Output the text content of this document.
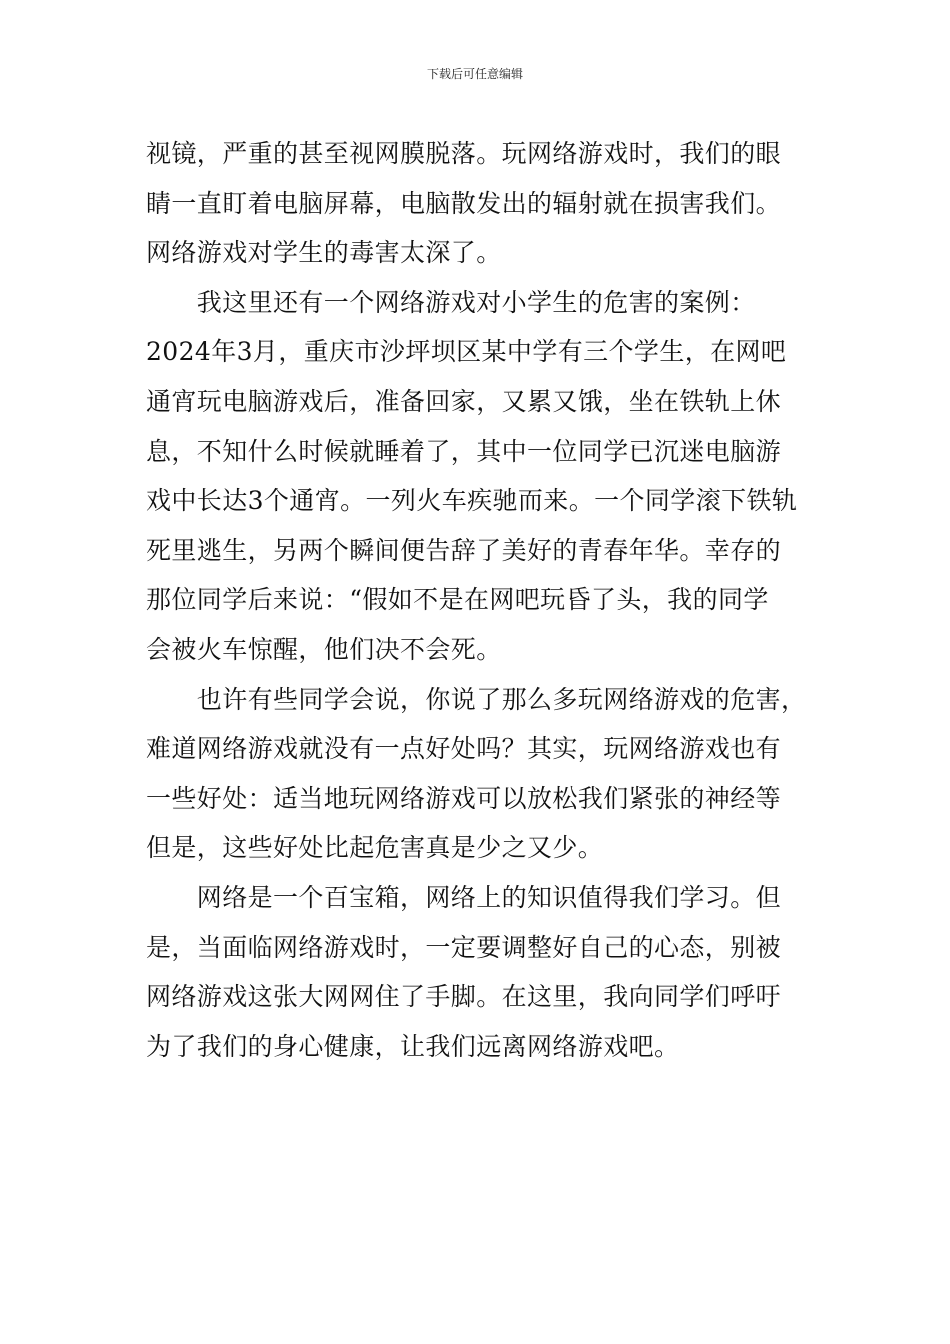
下载后可任意编辑
视镜，严重的甚至视网膜脱落。玩网络游戏时，我们的眼
睛一直盯着电脑屏幕，电脑散发出的辐射就在损害我们。
网络游戏对学生的毒害太深了。
　　我这里还有一个网络游戏对小学生的危害的案例：
2024年3月，重庆市沙坪坝区某中学有三个学生，在网吧
通宵玩电脑游戏后，准备回家，又累又饿，坐在铁轨上休
息，不知什么时候就睡着了，其中一位同学已沉迷电脑游
戏中长达3个通宵。一列火车疾驰而来。一个同学滚下铁轨
死里逃生，另两个瞬间便告辞了美好的青春年华。幸存的
那位同学后来说：“假如不是在网吧玩昏了头，我的同学
会被火车惊醒，他们决不会死。
　　也许有些同学会说，你说了那么多玩网络游戏的危害，
难道网络游戏就没有一点好处吗？其实，玩网络游戏也有
一些好处：适当地玩网络游戏可以放松我们紧张的神经等
但是，这些好处比起危害真是少之又少。
　　网络是一个百宝箱，网络上的知识值得我们学习。但
是，当面临网络游戏时，一定要调整好自己的心态，别被
网络游戏这张大网网住了手脚。在这里，我向同学们呼吁
为了我们的身心健康，让我们远离网络游戏吧。
